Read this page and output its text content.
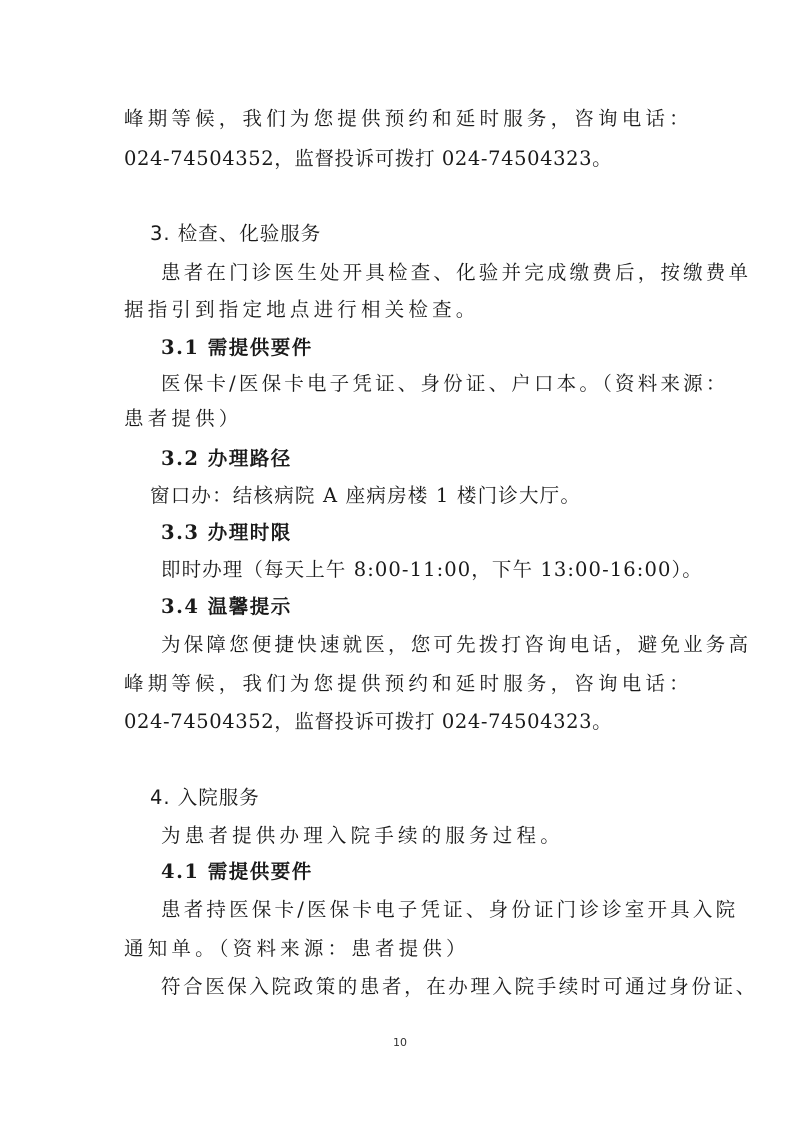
峰期等候，我们为您提供预约和延时服务，咨询电话：
024-74504352，监督投诉可拨打 024-74504323。
3. 检查、化验服务
患者在门诊医生处开具检查、化验并完成缴费后，按缴费单
据指引到指定地点进行相关检查。
3.1 需提供要件
医保卡/医保卡电子凭证、身份证、户口本。（资料来源：
患者提供）
3.2 办理路径
窗口办：结核病院 A 座病房楼 1 楼门诊大厅。
3.3 办理时限
即时办理（每天上午 8:00-11:00，下午 13:00-16:00）。
3.4 温馨提示
为保障您便捷快速就医，您可先拨打咨询电话，避免业务高
峰期等候，我们为您提供预约和延时服务，咨询电话：
024-74504352，监督投诉可拨打 024-74504323。
4. 入院服务
为患者提供办理入院手续的服务过程。
4.1 需提供要件
患者持医保卡/医保卡电子凭证、身份证门诊诊室开具入院
通知单。（资料来源：患者提供）
符合医保入院政策的患者，在办理入院手续时可通过身份证、
10
